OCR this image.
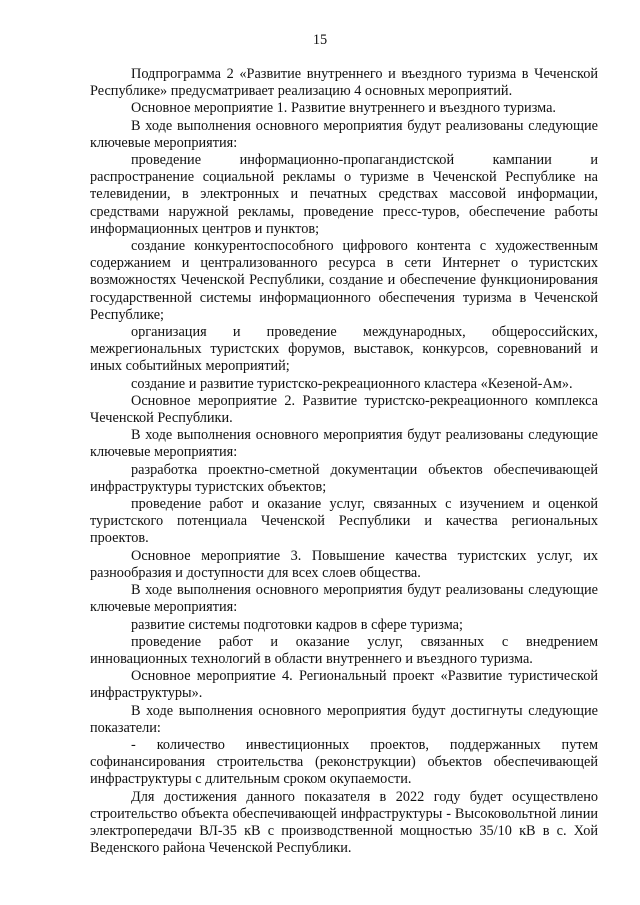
15

Подпрограмма 2 «Развитие внутреннего и въездного туризма в Чеченской Республике» предусматривает реализацию 4 основных мероприятий.

Основное мероприятие 1. Развитие внутреннего и въездного туризма.

В ходе выполнения основного мероприятия будут реализованы следующие ключевые мероприятия:

проведение информационно-пропагандистской кампании и распространение социальной рекламы о туризме в Чеченской Республике на телевидении, в электронных и печатных средствах массовой информации, средствами наружной рекламы, проведение пресс-туров, обеспечение работы информационных центров и пунктов;

создание конкурентоспособного цифрового контента с художественным содержанием и централизованного ресурса в сети Интернет о туристских возможностях Чеченской Республики, создание и обеспечение функционирования государственной системы информационного обеспечения туризма в Чеченской Республике;

организация и проведение международных, общероссийских, межрегиональных туристских форумов, выставок, конкурсов, соревнований и иных событийных мероприятий;

создание и развитие туристско-рекреационного кластера «Кезеной-Ам».

Основное мероприятие 2. Развитие туристско-рекреационного комплекса Чеченской Республики.

В ходе выполнения основного мероприятия будут реализованы следующие ключевые мероприятия:

разработка проектно-сметной документации объектов обеспечивающей инфраструктуры туристских объектов;

проведение работ и оказание услуг, связанных с изучением и оценкой туристского потенциала Чеченской Республики и качества региональных проектов.

Основное мероприятие 3. Повышение качества туристских услуг, их разнообразия и доступности для всех слоев общества.

В ходе выполнения основного мероприятия будут реализованы следующие ключевые мероприятия:

развитие системы подготовки кадров в сфере туризма;

проведение работ и оказание услуг, связанных с внедрением инновационных технологий в области внутреннего и въездного туризма.

Основное мероприятие 4. Региональный проект «Развитие туристической инфраструктуры».

В ходе выполнения основного мероприятия будут достигнуты следующие показатели:

- количество инвестиционных проектов, поддержанных путем софинансирования строительства (реконструкции) объектов обеспечивающей инфраструктуры с длительным сроком окупаемости.

Для достижения данного показателя в 2022 году будет осуществлено строительство объекта обеспечивающей инфраструктуры - Высоковольтной линии электропередачи ВЛ-35 кВ с производственной мощностью 35/10 кВ в с. Хой Веденского района Чеченской Республики.
